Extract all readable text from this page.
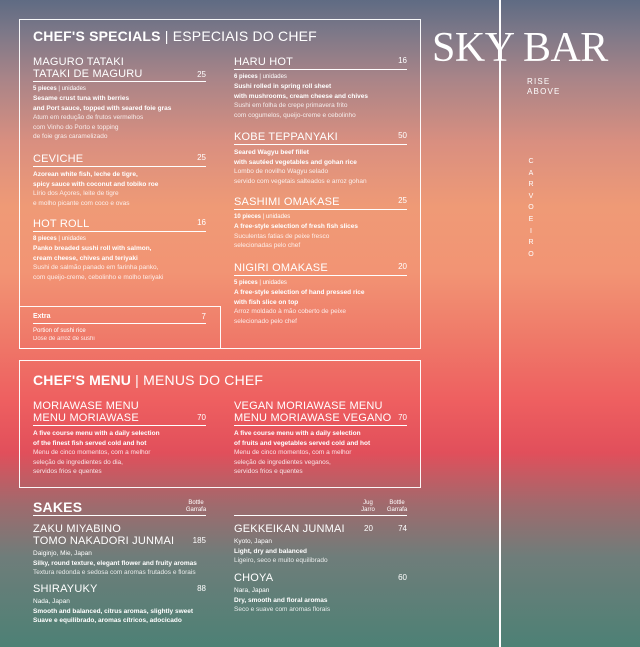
SKY BAR
RISE
ABOVE
C
A
R
V
O
E
I
R
O
CHEF'S SPECIALS | ESPECIAIS DO CHEF
MAGURO TATAKI
TATAKI DE MAGURU	25
5 pieces | unidades
Sesame crust tuna with berries
and Port sauce, topped with seared foie gras
Atum em redução de frutos vermelhos
com Vinho do Porto e topping
de foie gras caramelizado
CEVICHE	25
Azorean white fish, leche de tigre,
spicy sauce with coconut and tobiko roe
Lírio dos Açores, leite de tigre
e molho picante com coco e ovas
HOT ROLL	16
8 pieces | unidades
Panko breaded sushi roll with salmon,
cream cheese, chives and teriyaki
Sushi de salmão panado em farinha panko,
com queijo-creme, cebolinho e molho teriyaki
Extra	7
Portion of sushi rice
Dose de arroz de sushi
HARU HOT	16
6 pieces | unidades
Sushi rolled in spring roll sheet
with mushrooms, cream cheese and chives
Sushi em folha de crepe primavera frito
com cogumelos, queijo-creme e cebolinho
KOBE TEPPANYAKI	50
Seared Wagyu beef fillet
with sautéed vegetables and gohan rice
Lombo de novilho Wagyu selado
servido com vegetais salteados e arroz gohan
SASHIMI OMAKASE	25
10 pieces | unidades
A free-style selection of fresh fish slices
Suculentas fatias de peixe fresco
selecionadas pelo chef
NIGIRI OMAKASE	20
5 pieces | unidades
A free-style selection of hand pressed rice
with fish slice on top
Arroz moldado à mão coberto de peixe
selecionado pelo chef
CHEF'S MENU | MENUS DO CHEF
MORIAWASE MENU
MENU MORIAWASE	70
A five course menu with a daily selection
of the finest fish served cold and hot
Menu de cinco momentos, com a melhor
seleção de ingredientes do dia,
servidos frios e quentes
VEGAN MORIAWASE MENU
MENU MORIAWASE VEGANO 70
A five course menu with a daily selection
of fruits and vegetables served cold and hot
Menu de cinco momentos, com a melhor
seleção de ingredientes veganos,
servidos frios e quentes
SAKES	Bottle
Garrafa
Jug
Jarro
Bottle
Garrafa
ZAKU MIYABINO
TOMO NAKADORI JUNMAI	185
Daiginjo, Mie, Japan
Silky, round texture, elegant flower and fruity aromas
Textura redonda e sedosa com aromas frutados e florais
SHIRAYUKY	88
Nada, Japan
Smooth and balanced, citrus aromas, slightly sweet
Suave e equilibrado, aromas cítricos, adocicado
GEKKEIKAN JUNMAI	20	74
Kyoto, Japan
Light, dry and balanced
Ligeiro, seco e muito equilibrado
CHOYA	60
Nara, Japan
Dry, smooth and floral aromas
Seco e suave com aromas florais
